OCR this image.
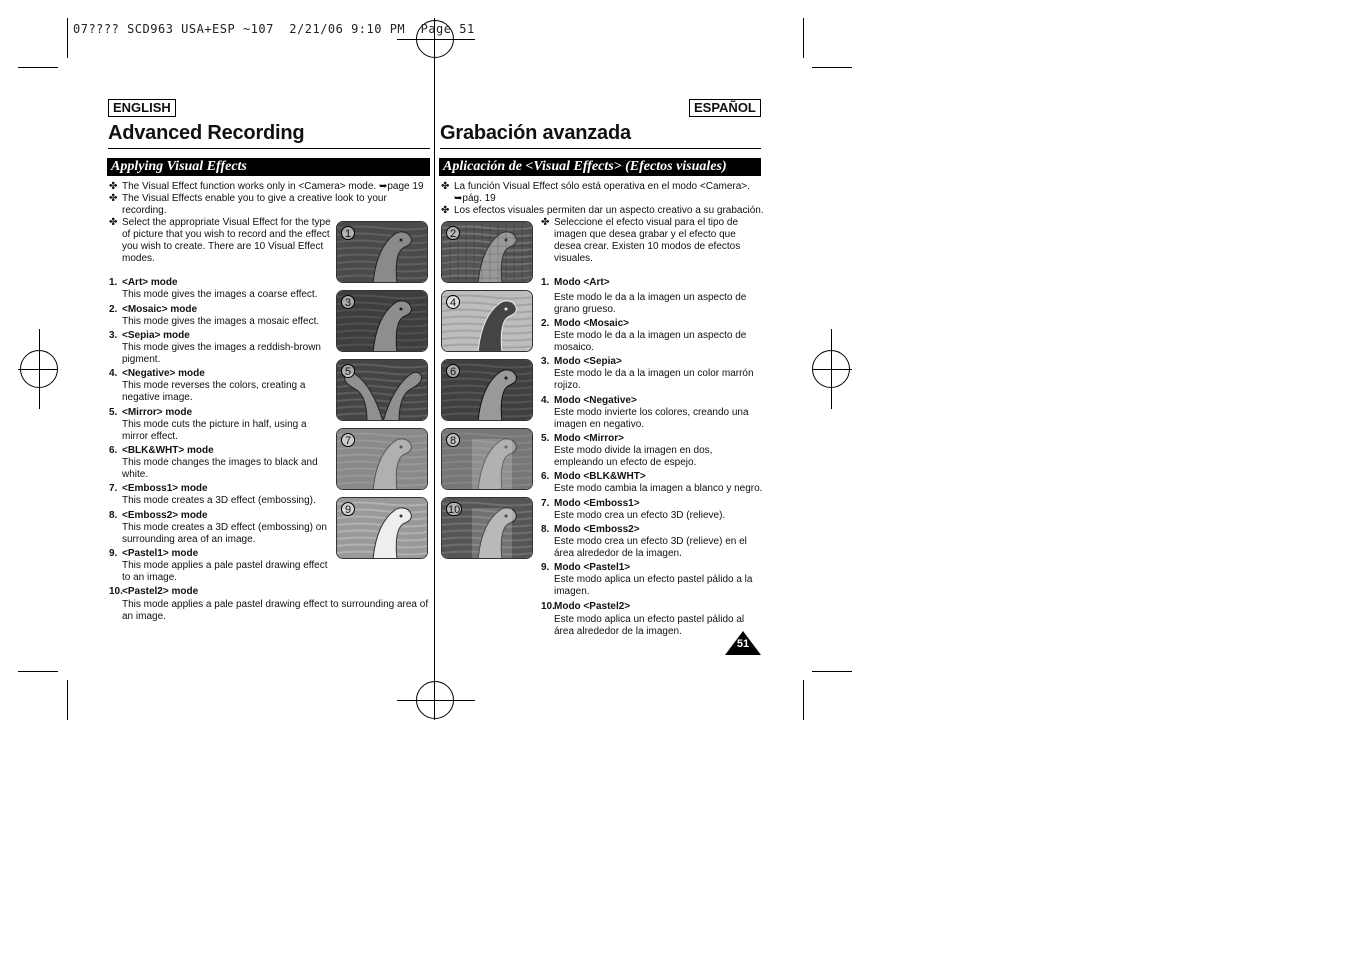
07???? SCD963 USA+ESP ~107  2/21/06 9:10 PM  Page 51
ENGLISH
Advanced Recording
Applying Visual Effects
✤ The Visual Effect function works only in <Camera> mode. ➥page 19
✤ The Visual Effects enable you to give a creative look to your
recording.
✤ Select the appropriate Visual Effect for the type
of picture that you wish to record and the effect
you wish to create. There are 10 Visual Effect
modes.
1. <Art> mode
This mode gives the images a coarse effect.
2. <Mosaic> mode
This mode gives the images a mosaic effect.
3. <Sepia> mode
This mode gives the images a reddish-brown
pigment.
4. <Negative> mode
This mode reverses the colors, creating a
negative image.
5. <Mirror> mode
This mode cuts the picture in half, using a
mirror effect.
6. <BLK&WHT> mode
This mode changes the images to black and
white.
7. <Emboss1> mode
This mode creates a 3D effect (embossing).
8. <Emboss2> mode
This mode creates a 3D effect (embossing) on
surrounding area of an image.
9. <Pastel1> mode
This mode applies a pale pastel drawing effect
to an image.
10. <Pastel2> mode
This mode applies a pale pastel drawing effect to surrounding area of
an image.
ESPAÑOL
Grabación avanzada
Aplicación de <Visual Effects> (Efectos visuales)
✤ La función Visual Effect sólo está operativa en el modo <Camera>.
➥pág. 19
✤ Los efectos visuales permiten dar un aspecto creativo a su grabación.
✤ Seleccione el efecto visual para el tipo de
imagen que desea grabar y el efecto que
desea crear. Existen 10 modos de efectos
visuales.
1. Modo <Art>
Este modo le da a la imagen un aspecto de
grano grueso.
2. Modo <Mosaic>
Este modo le da a la imagen un aspecto de
mosaico.
3. Modo <Sepia>
Este modo le da a la imagen un color marrón
rojizo.
4. Modo <Negative>
Este modo invierte los colores, creando una
imagen en negativo.
5. Modo <Mirror>
Este modo divide la imagen en dos,
empleando un efecto de espejo.
6. Modo <BLK&WHT>
Este modo cambia la imagen a blanco y negro.
7. Modo <Emboss1>
Este modo crea un efecto 3D (relieve).
8. Modo <Emboss2>
Este modo crea un efecto 3D (relieve) en el
área alrededor de la imagen.
9. Modo <Pastel1>
Este modo aplica un efecto pastel pálido a la
imagen.
10. Modo <Pastel2>
Este modo aplica un efecto pastel pálido al
área alrededor de la imagen.
1	2
3	4
5	6
7	8
9	10
51
